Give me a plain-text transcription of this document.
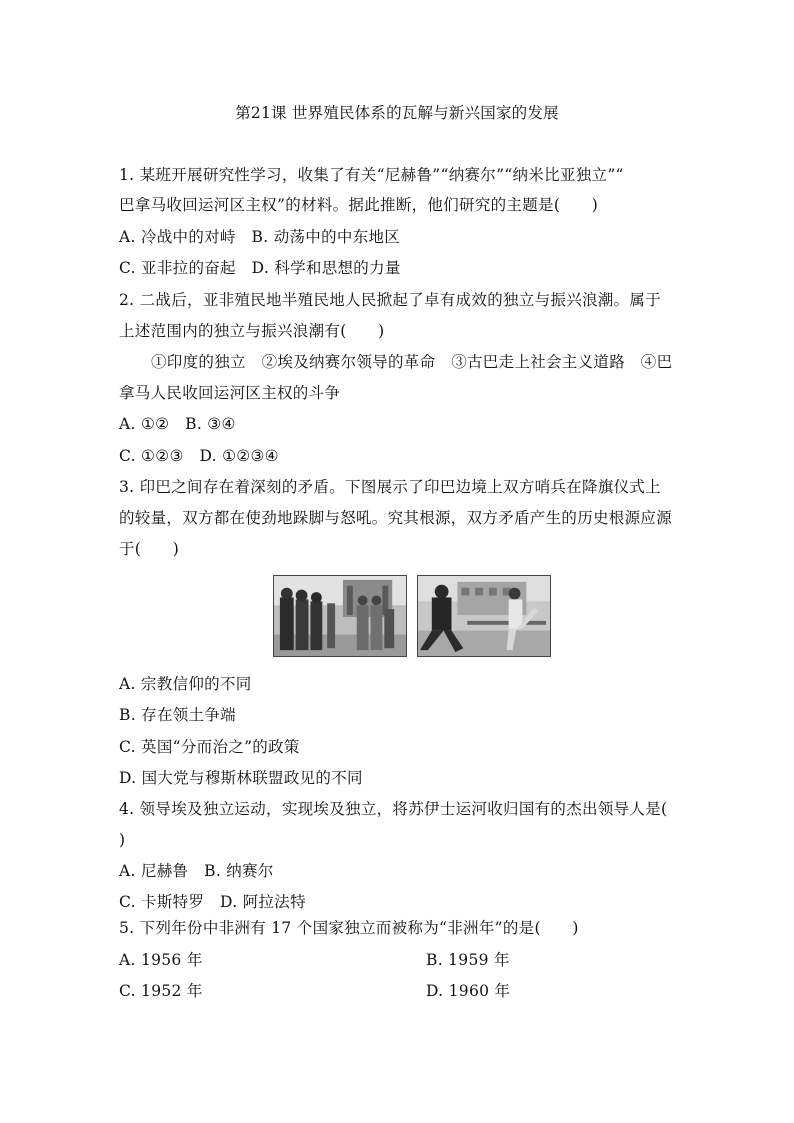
第21课 世界殖民体系的瓦解与新兴国家的发展
1. 某班开展研究性学习，收集了有关“尼赫鲁”“纳赛尔”“纳米比亚独立”“
巴拿马收回运河区主权”的材料。据此推断，他们研究的主题是(　　)
A. 冷战中的对峙　B. 动荡中的中东地区
C. 亚非拉的奋起　D. 科学和思想的力量
2. 二战后，亚非殖民地半殖民地人民掀起了卓有成效的独立与振兴浪潮。属于
上述范围内的独立与振兴浪潮有(　　)
①印度的独立　②埃及纳赛尔领导的革命　③古巴走上社会主义道路　④巴
拿马人民收回运河区主权的斗争
A. ①②　B. ③④
C. ①②③　D. ①②③④
3. 印巴之间存在着深刻的矛盾。下图展示了印巴边境上双方哨兵在降旗仪式上
的较量，双方都在使劲地跺脚与怒吼。究其根源，双方矛盾产生的历史根源应源
于(　　)
A. 宗教信仰的不同
B. 存在领土争端
C. 英国“分而治之”的政策
D. 国大党与穆斯林联盟政见的不同
4. 领导埃及独立运动，实现埃及独立，将苏伊士运河收归国有的杰出领导人是(
)
A. 尼赫鲁　B. 纳赛尔
C. 卡斯特罗　D. 阿拉法特
5. 下列年份中非洲有 17 个国家独立而被称为“非洲年”的是(　　)
A. 1956 年	B. 1959 年
C. 1952 年	D. 1960 年
